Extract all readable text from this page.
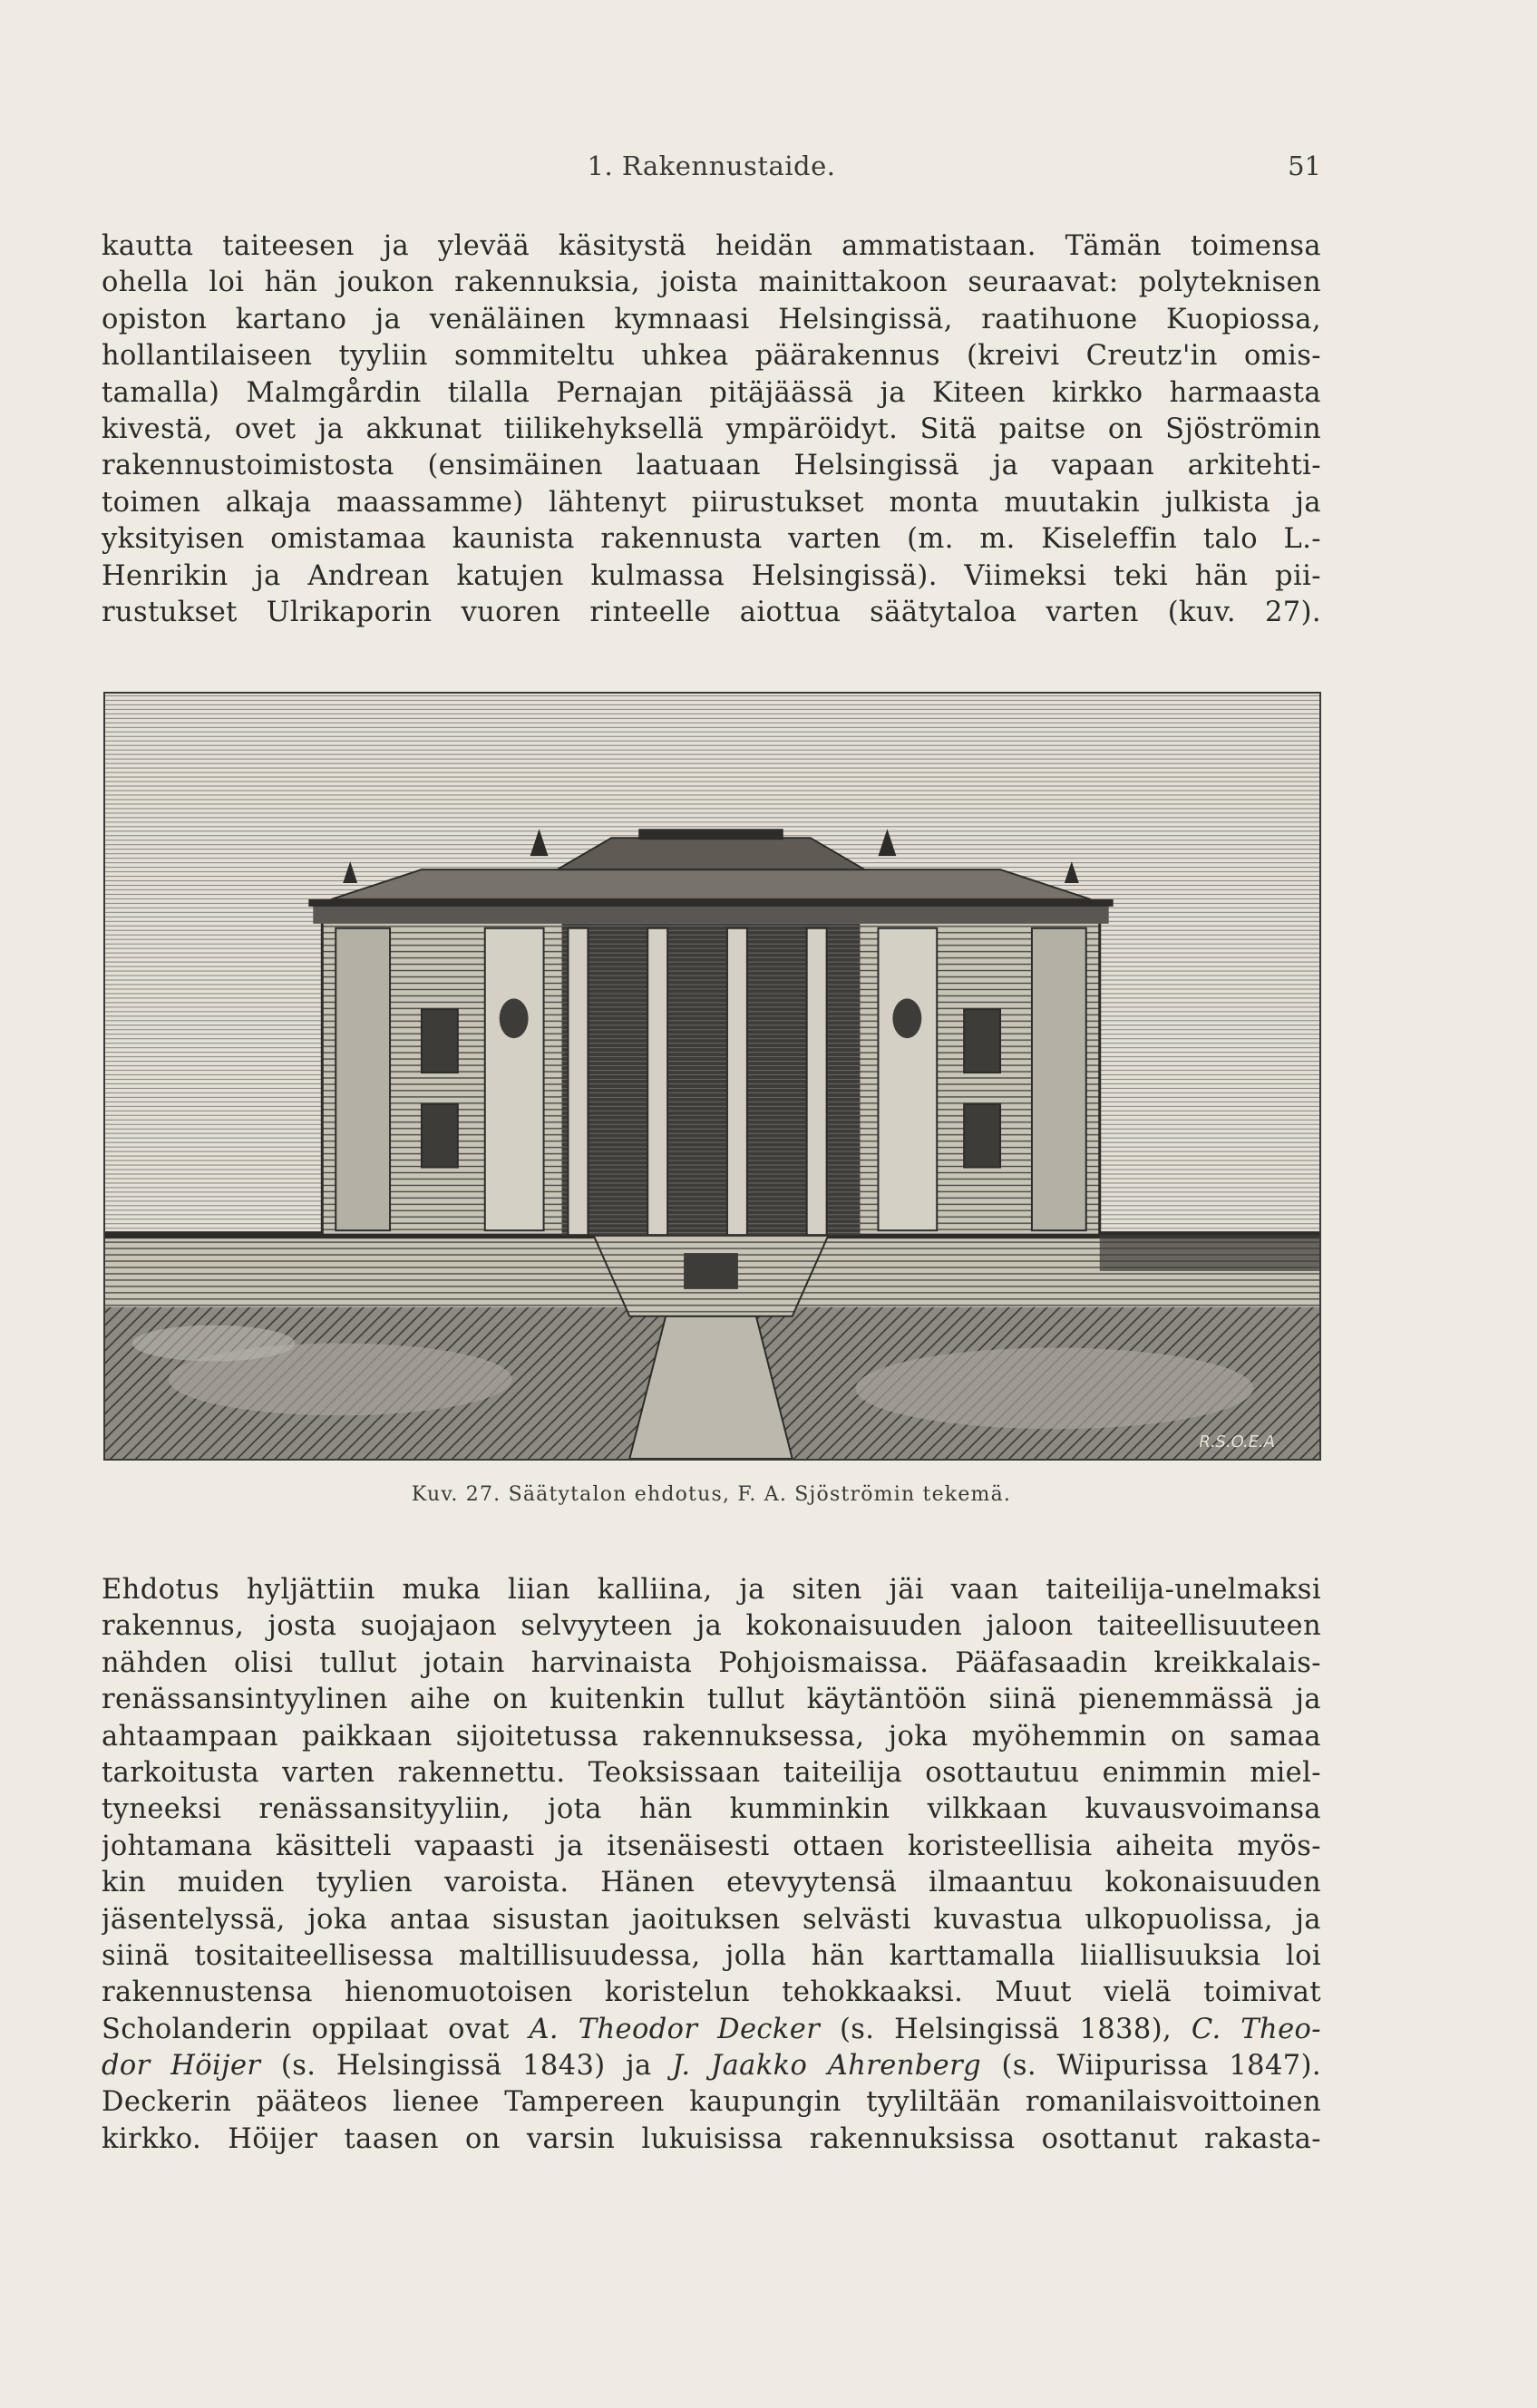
1. Rakennustaide.	51
kautta taiteesen ja ylevää käsitystä heidän ammatistaan. Tämän toimensa
ohella loi hän joukon rakennuksia, joista mainittakoon seuraavat: polyteknisen
opiston kartano ja venäläinen kymnaasi Helsingissä, raatihuone Kuopiossa,
hollantilaiseen tyyliin sommiteltu uhkea päärakennus (kreivi Creutz'in omis-
tamalla) Malmgårdin tilalla Pernajan pitäjäässä ja Kiteen kirkko harmaasta
kivestä, ovet ja akkunat tiilikehyksellä ympäröidyt. Sitä paitse on Sjöströmin
rakennustoimistosta (ensimäinen laatuaan Helsingissä ja vapaan arkitehti-
toimen alkaja maassamme) lähtenyt piirustukset monta muutakin julkista ja
yksityisen omistamaa kaunista rakennusta varten (m. m. Kiseleffin talo L.-
Henrikin ja Andrean katujen kulmassa Helsingissä). Viimeksi teki hän pii-
rustukset Ulrikaporin vuoren rinteelle aiottua säätytaloa varten (kuv. 27).
R.S.O.E.A
Kuv. 27. Säätytalon ehdotus, F. A. Sjöströmin tekemä.
Ehdotus hyljättiin muka liian kalliina, ja siten jäi vaan taiteilija-unelmaksi
rakennus, josta suojajaon selvyyteen ja kokonaisuuden jaloon taiteellisuuteen
nähden olisi tullut jotain harvinaista Pohjoismaissa. Pääfasaadin kreikkalais-
renässansintyylinen aihe on kuitenkin tullut käytäntöön siinä pienemmässä ja
ahtaampaan paikkaan sijoitetussa rakennuksessa, joka myöhemmin on samaa
tarkoitusta varten rakennettu. Teoksissaan taiteilija osottautuu enimmin miel-
tyneeksi renässansityyliin, jota hän kumminkin vilkkaan kuvausvoimansa
johtamana käsitteli vapaasti ja itsenäisesti ottaen koristeellisia aiheita myös-
kin muiden tyylien varoista. Hänen etevyytensä ilmaantuu kokonaisuuden
jäsentelyssä, joka antaa sisustan jaoituksen selvästi kuvastua ulkopuolissa, ja
siinä tositaiteellisessa maltillisuudessa, jolla hän karttamalla liiallisuuksia loi
rakennustensa hienomuotoisen koristelun tehokkaaksi. Muut vielä toimivat
Scholanderin oppilaat ovat A. Theodor Decker (s. Helsingissä 1838), C. Theo-
dor Höijer (s. Helsingissä 1843) ja J. Jaakko Ahrenberg (s. Wiipurissa 1847).
Deckerin pääteos lienee Tampereen kaupungin tyyliltään romanilaisvoittoinen
kirkko. Höijer taasen on varsin lukuisissa rakennuksissa osottanut rakasta-
